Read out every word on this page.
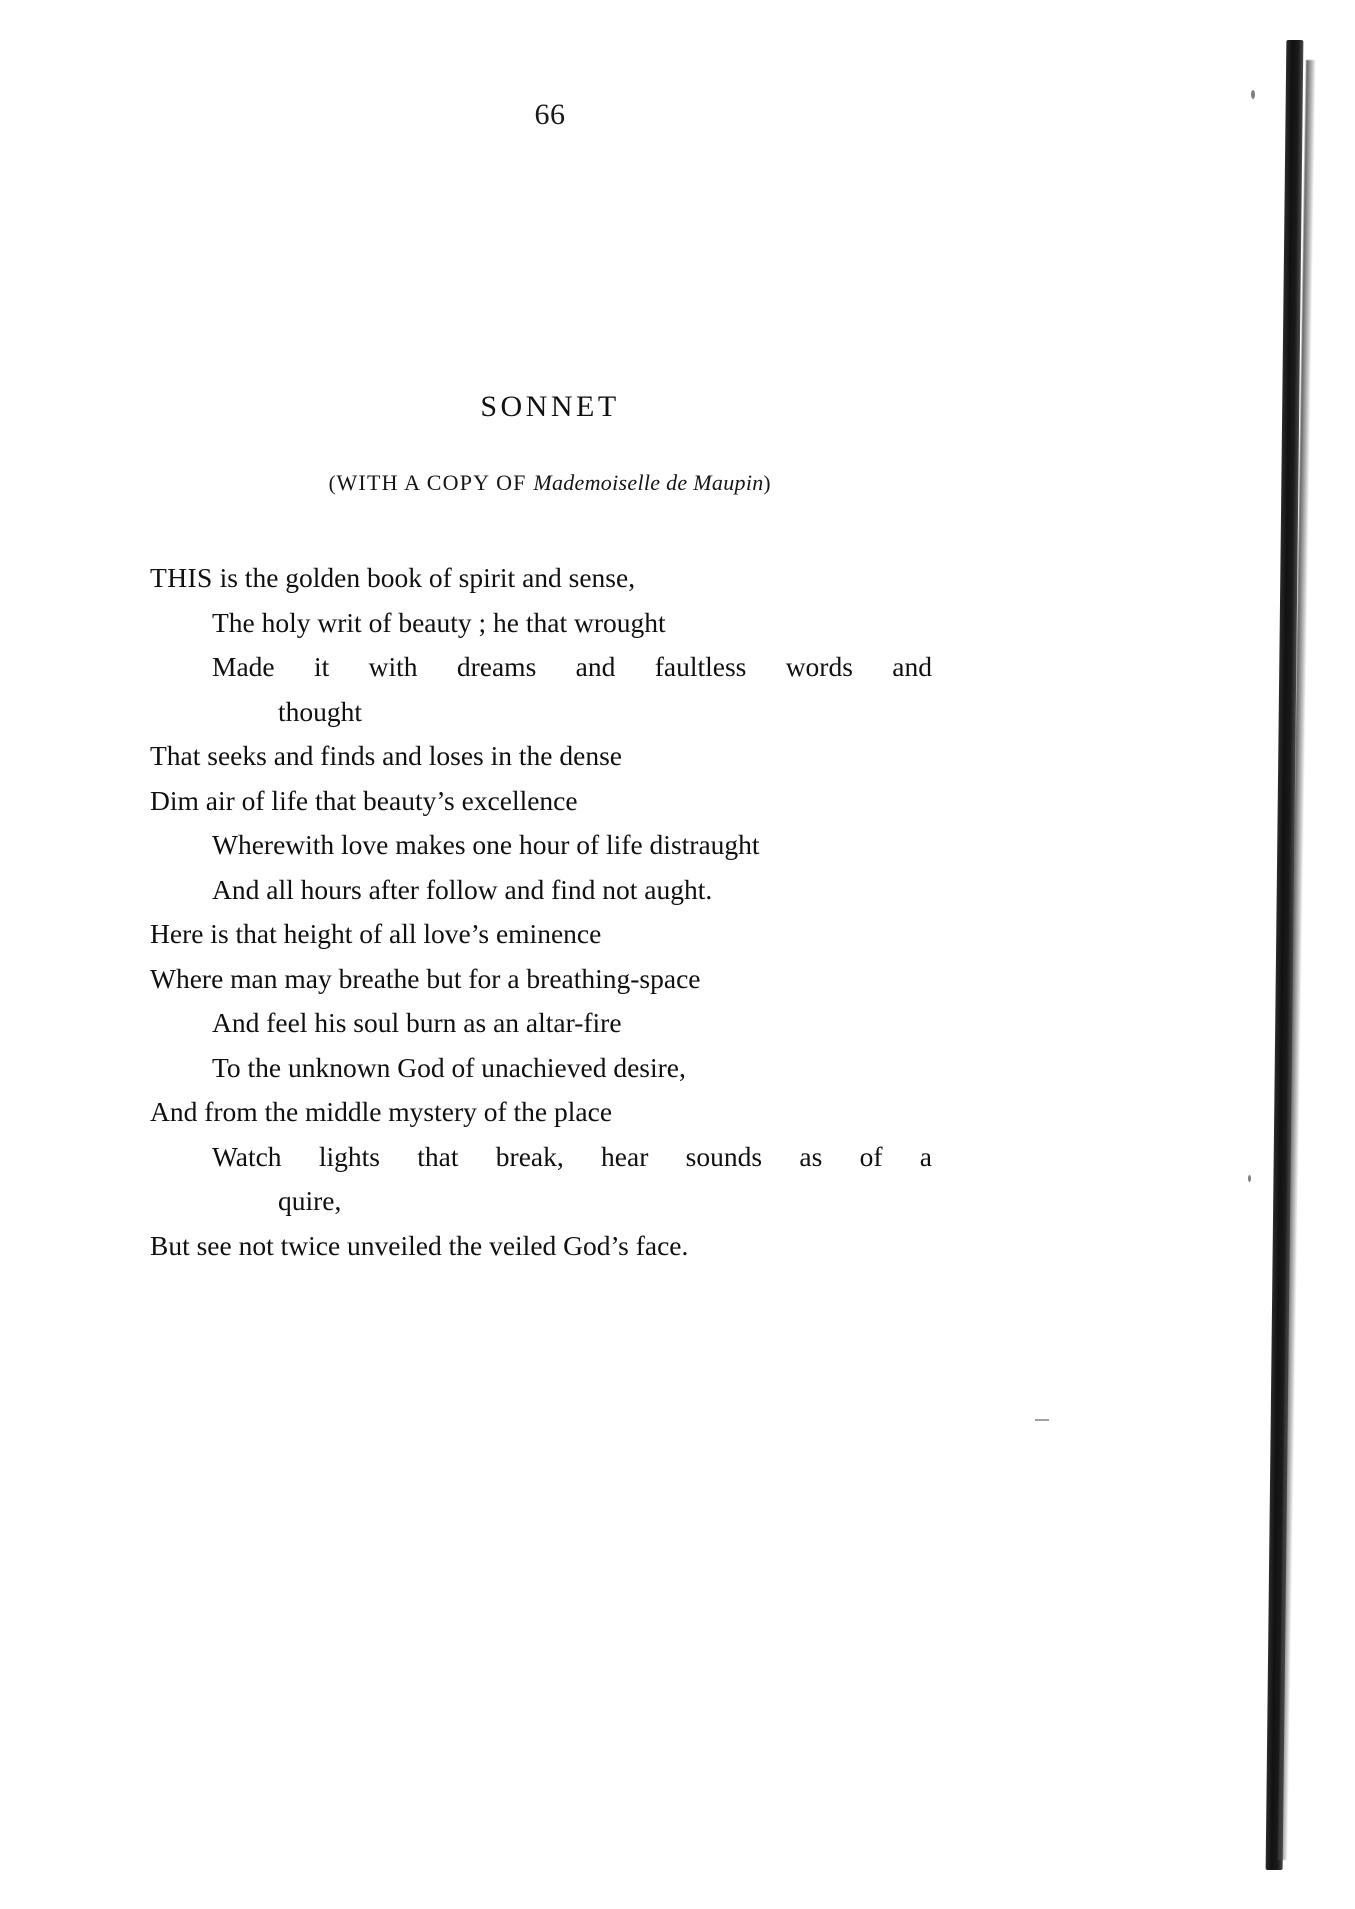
66
SONNET
(WITH A COPY OF Mademoiselle de Maupin)
THIS is the golden book of spirit and sense,
The holy writ of beauty ; he that wrought
Made it with dreams and faultless words and
thought
That seeks and finds and loses in the dense
Dim air of life that beauty’s excellence
Wherewith love makes one hour of life distraught
And all hours after follow and find not aught.
Here is that height of all love’s eminence
Where man may breathe but for a breathing-space
And feel his soul burn as an altar-fire
To the unknown God of unachieved desire,
And from the middle mystery of the place
Watch lights that break, hear sounds as of a
quire,
But see not twice unveiled the veiled God’s face.
